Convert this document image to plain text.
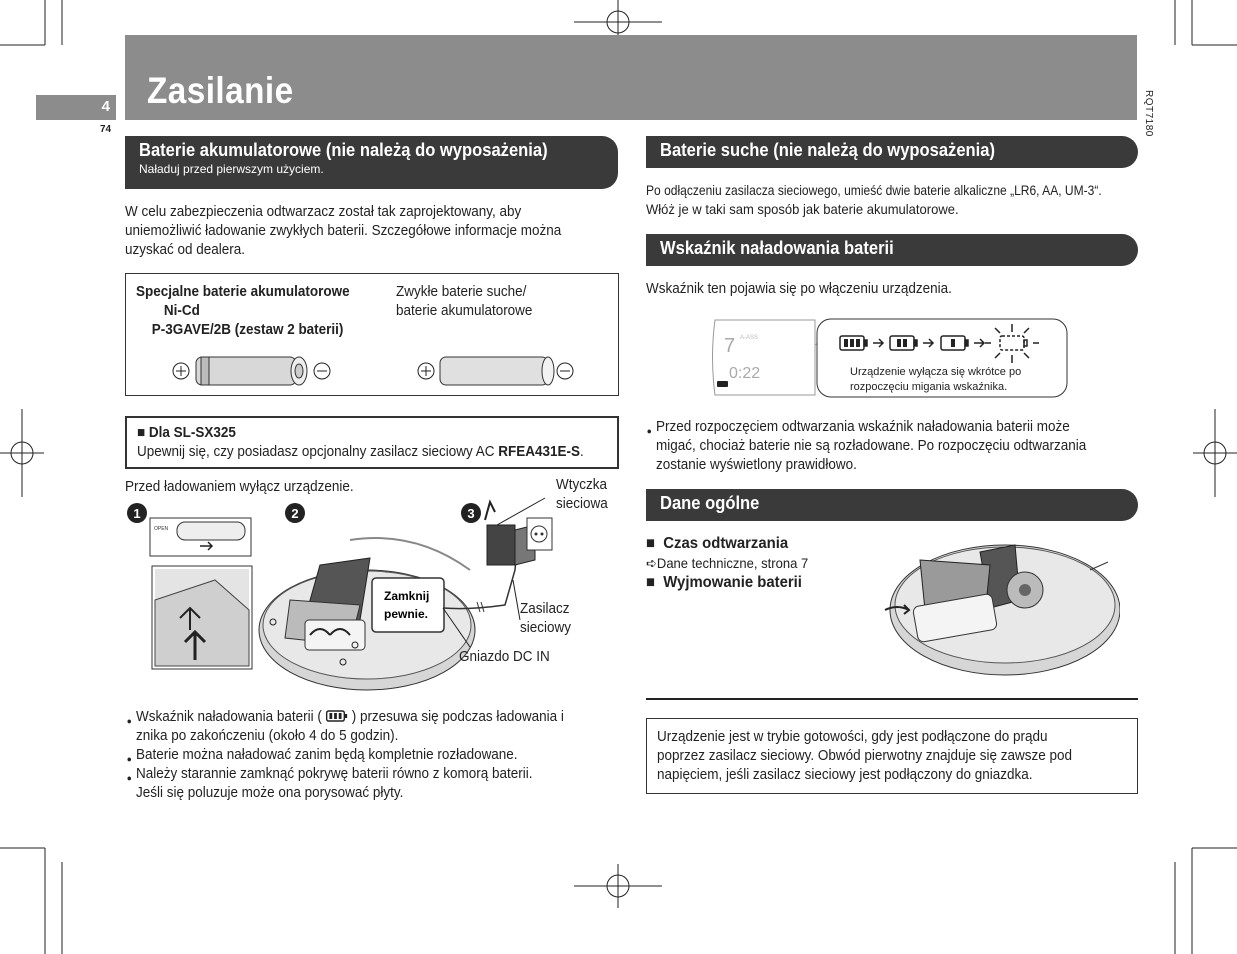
Zasilanie
4
74	RQT7180
Baterie akumulatorowe (nie należą do wyposażenia)
Naładuj przed pierwszym użyciem.
W celu zabezpieczenia odtwarzacz został tak zaprojektowany, aby
uniemożliwić ładowanie zwykłych baterii. Szczegółowe informacje można
uzyskać od dealera.
Specjalne baterie akumulatorowe
Ni-Cd
P-3GAVE/2B (zestaw 2 baterii)
Zwykłe baterie suche/
baterie akumulatorowe
■ Dla SL-SX325
Upewnij się, czy posiadasz opcjonalny zasilacz sieciowy AC RFEA431E-S.
Przed ładowaniem wyłącz urządzenie.	Wtyczka
sieciowa
1	2	3
OPEN
Zamknij
pewnie.	Zasilacz
sieciowy
Gniazdo DC IN
Wskaźnik naładowania baterii ( ) przesuwa się podczas ładowania i
znika po zakończeniu (około 4 do 5 godzin).
Baterie można naładować zanim będą kompletnie rozładowane.
Należy starannie zamknąć pokrywę baterii równo z komorą baterii.
Jeśli się poluzuje może ona porysować płyty.
Baterie suche (nie należą do wyposażenia)
Po odłączeniu zasilacza sieciowego, umieść dwie baterie alkaliczne „LR6, AA, UM-3“.
Włóż je w taki sam sposób jak baterie akumulatorowe.
Wskaźnik naładowania baterii
Wskaźnik ten pojawia się po włączeniu urządzenia.
7 A-ASS
0:22	Urządzenie wyłącza się wkrótce po
rozpoczęciu migania wskaźnika.
Przed rozpoczęciem odtwarzania wskaźnik naładowania baterii może
migać, chociaż baterie nie są rozładowane. Po rozpoczęciu odtwarzania
zostanie wyświetlony prawidłowo.
Dane ogólne
■ Czas odtwarzania
➪Dane techniczne, strona 7
■ Wyjmowanie baterii
Urządzenie jest w trybie gotowości, gdy jest podłączone do prądu
poprzez zasilacz sieciowy. Obwód pierwotny znajduje się zawsze pod
napięciem, jeśli zasilacz sieciowy jest podłączony do gniazdka.
